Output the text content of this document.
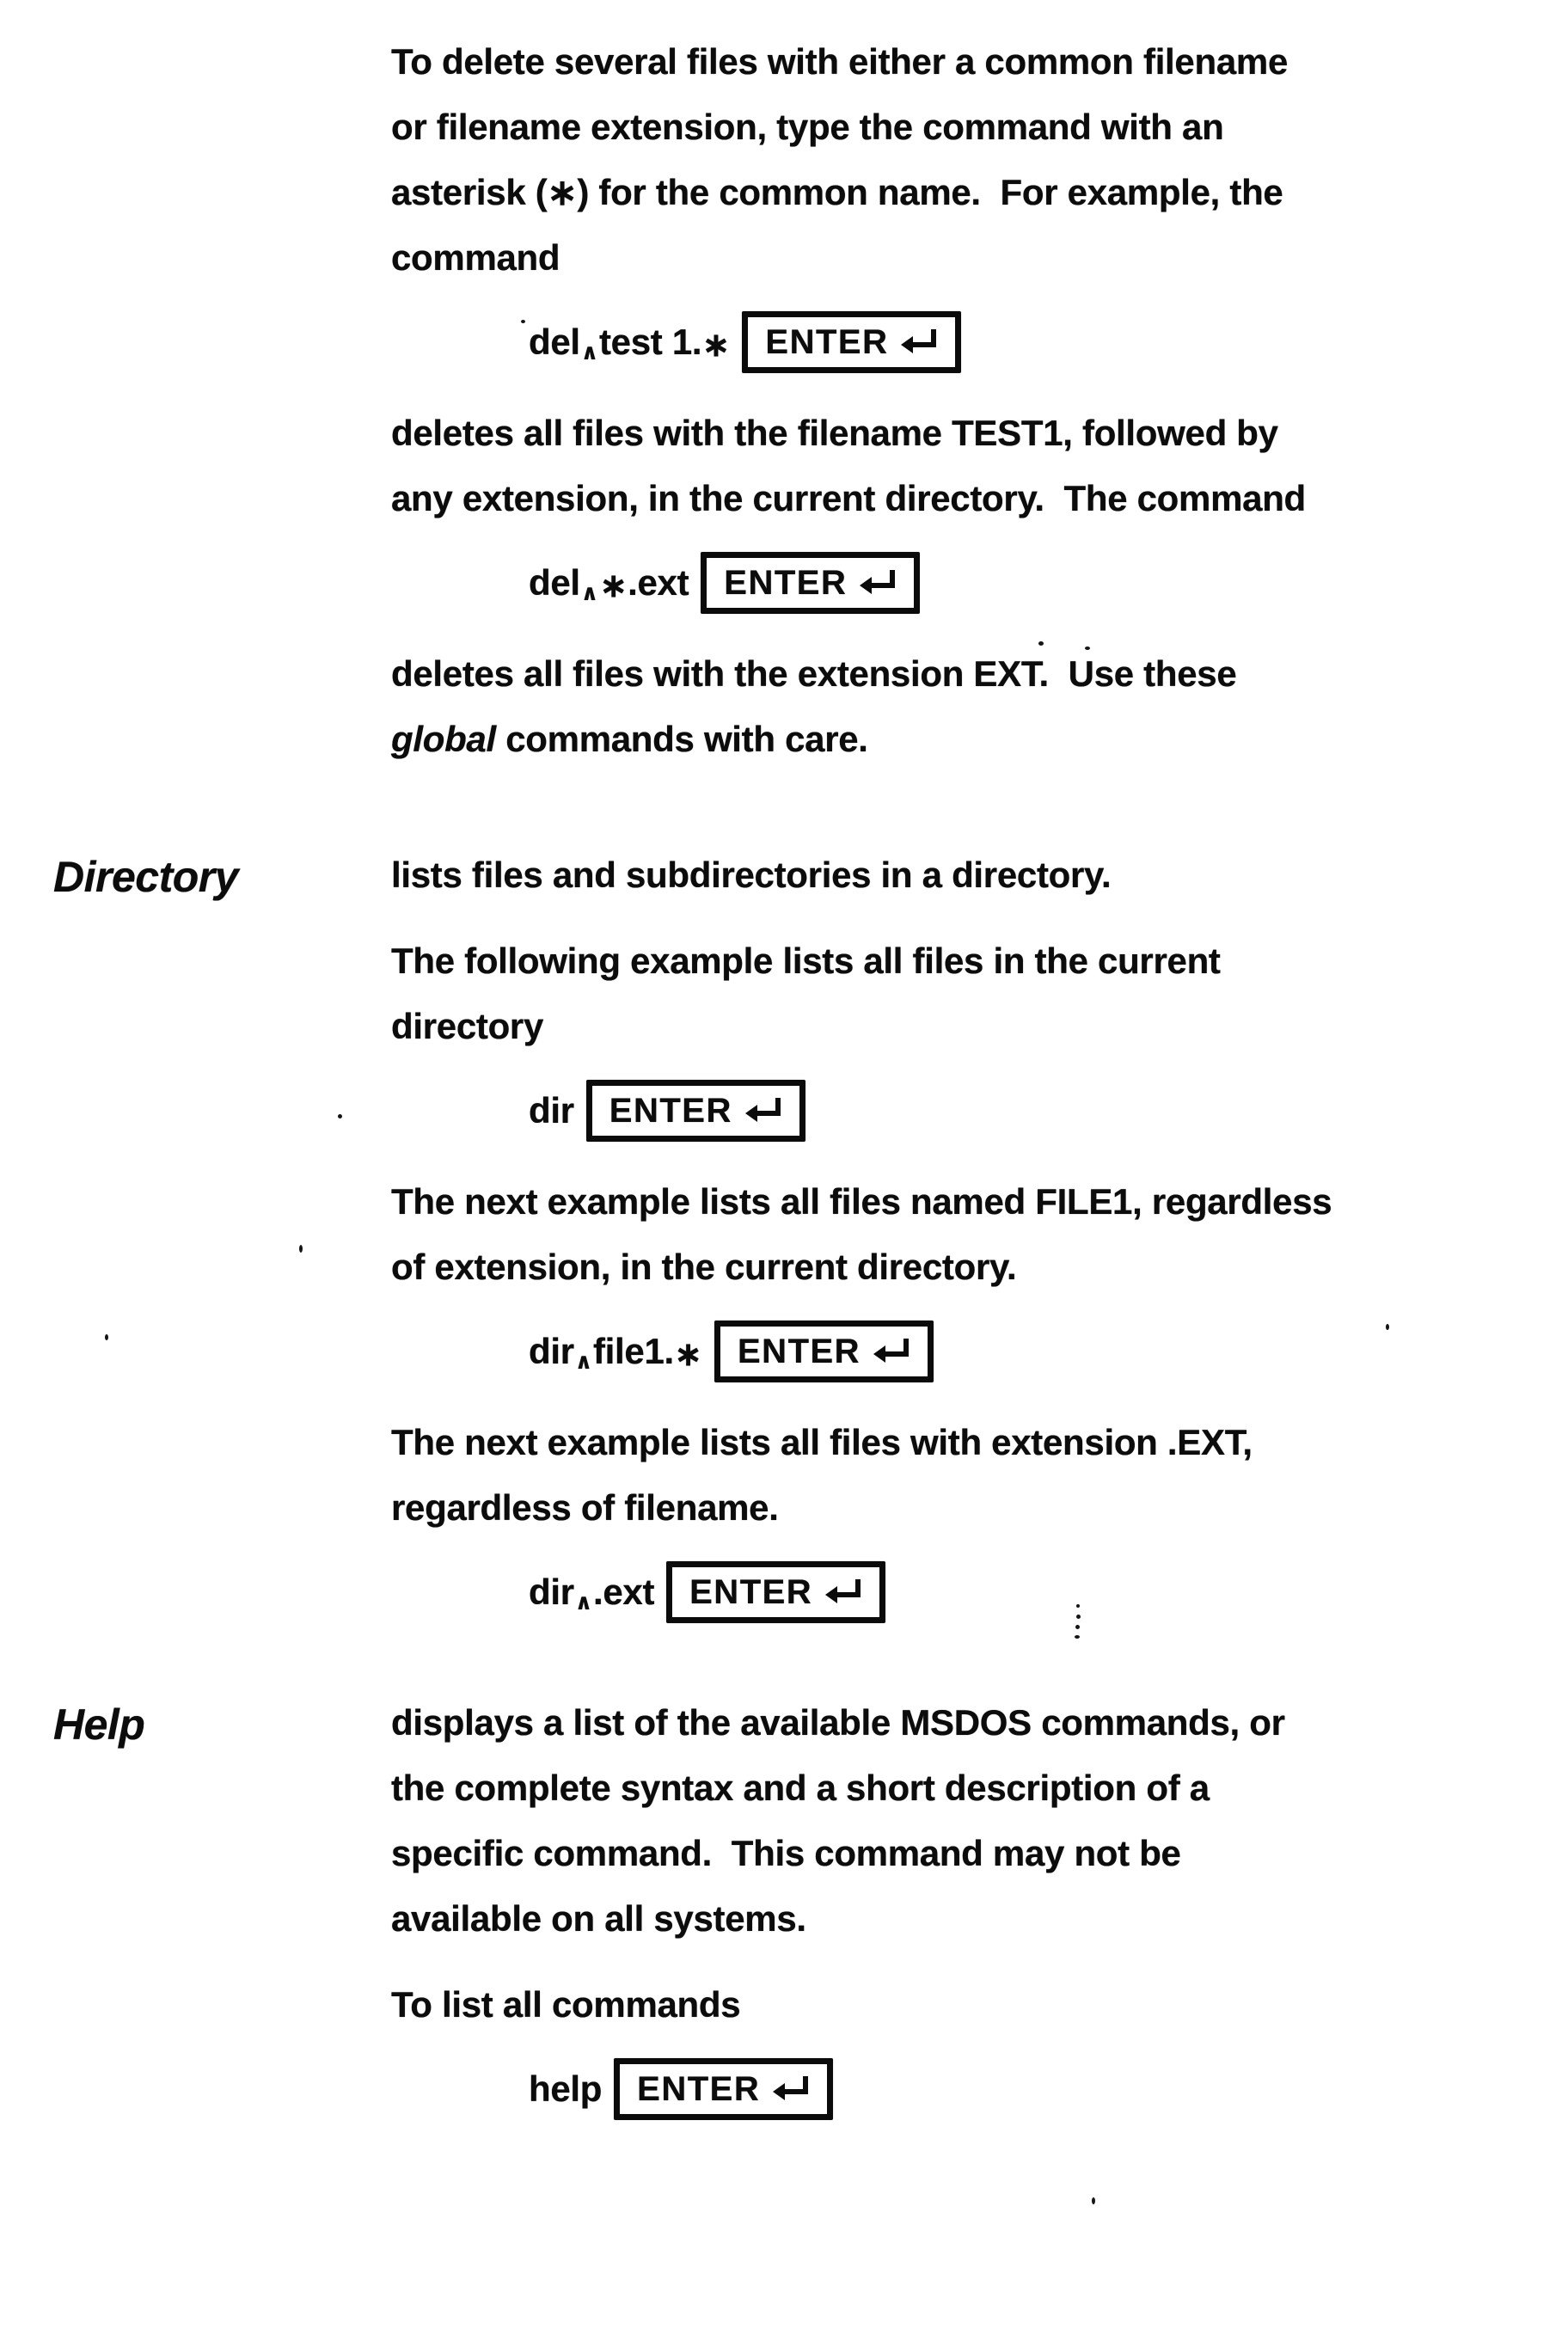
To delete several files with either a common filename
or filename extension, type the command with an
asterisk (∗) for the common name.  For example, the
command

del∧test 1.∗ ENTER

deletes all files with the filename TEST1, followed by
any extension, in the current directory.  The command

del∧∗.ext ENTER

deletes all files with the extension EXT.  Use these
global commands with care.

Directory	lists files and subdirectories in a directory.

The following example lists all files in the current
directory

dir ENTER

The next example lists all files named FILE1, regardless
of extension, in the current directory.

dir∧file1.∗ ENTER

The next example lists all files with extension .EXT,
regardless of filename.

dir∧.ext ENTER
Help	displays a list of the available MSDOS commands, or
the complete syntax and a short description of a
specific command.  This command may not be
available on all systems.

To list all commands

help ENTER
